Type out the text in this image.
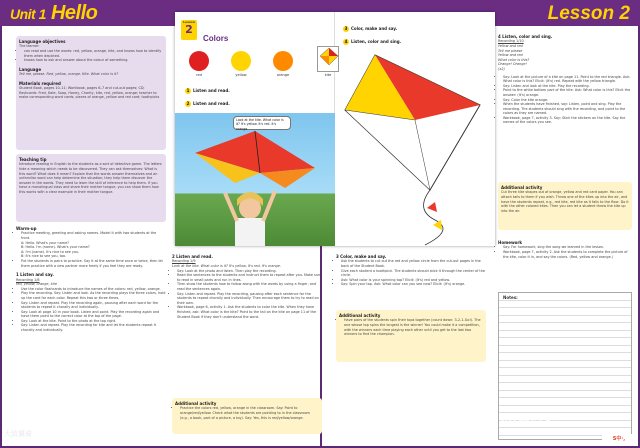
Unit 1 Hello	Lesson 2
Language objectives
The learner:
• can read and use the words: red, yellow, orange, kite, and knows how to identify them when depicted.
• knows how to ask and answer about the colour of something.
Language
Tell me, please. Red, yellow, orange. Kite. What color is it?
Materials required
Student Book, pages 10–11; Workbook, pages 6–7 and cut-out pages; CD; flashcards: Fred, Kate, Soap, Honey, Charity, kite, red, yellow, orange; teacher to make corresponding word cards; pieces of orange, yellow and red card; toothpicks
Teaching tip
Introduce reading in English to the students as a sort of detective game. The letters hide a meaning which needs to be discovered. They can ask themselves: What is this word? What does it mean? Explain that the words answer themselves and an unfamiliar word can help determine the situation; they help them discover the answer in the words. They need to learn the skill of inference to help them. If you have a monolingual class and share their mother tongue, you can show them how this works with a clear example in their mother tongue.
Warm-up
• Practice meeting, greeting and asking names. Model it with two students at the front.
A: Hello. What's your name?
B: Hello. I'm (name). What's your name?
A: I'm (name). It's nice to see you.
B: It's nice to see you, too.
• Put the students in pairs to practice. Say it at the same time once or twice, then let them practice with a new partner more freely if you feel they are ready.
1 Listen and say.
Recording 1/8
red, yellow, orange, kite
• Use the color flashcards to introduce the names of the colors: red, yellow, orange.
• Play the recording. Say: Listen and look. As the recording plays the three colors, hold up the card for each color. Repeat this two or three times.
• Say: Listen and repeat. Play the recording again, pausing after each word for the students to repeat it chorally and individually.
• Say: Look at page 10 in your book. Listen and point. Play the recording again and have them point to the correct color at the top of the page.
• Say: Look at the kite. Point to the photo at the top right.
• Say: Listen and repeat. Play the recording for kite and let the students repeat it chorally and individually.
Lesson
2
Colors
red	yellow	orange	kite
1 Listen and read.
2 Listen and read.
Look at the kite. What color is it? It's yellow. It's red. It's orange.
3 Color, make and say.
4 Listen, color and sing.
2 Listen and read.
Recording 1/9
Look at the kite. What color is it? It's yellow. It's red. It's orange.
• Say: Look at the photo and listen. Then play the recording.
• Read the sentences to the students and instruct them to repeat after you. Make sure to read in small parts and run in lines.
• Then show the students how to follow along with the words by using a finger, and read the sentences again.
• Say: Listen and repeat. Play the recording, pausing after each sentence for the students to repeat chorally and individually. Then encourage them to try to read on their own.
• Workbook, page 6, activity 1. Ask the students to color the kite. When they have finished, ask: What color is the kite? Point to the tail on the kite on page 11 of the Student Book if they don't understand the word.
Additional activity
• Practice the colors red, yellow, orange in the classroom. Say: Point to orange/red/yellow. Check what the students are pointing to in the classroom (e.g., a book, part of a picture, a toy). Say: Yes, this is red/yellow/orange.
3 Color, make and say.
• Ask the students to cut out the red and yellow circle from the cut-out pages in the back of the Student Book.
• Give each student a toothpick. The students should stick it through the center of the circle.
• Ask: What color is your spinning top? Elicit: (It's) red and yellow.
• Say: Spin your top. Ask: What color can you see now? Elicit: (It's) orange.
Additional activity
• Have pairs of the students spin their tops together (count down: 3-2-1-Go!). The one whose top spins the longest is the winner! You could make it a competition, with the winners each time playing each other until you get to the last two winners to find the champion.
4 Listen, color and sing.
Recording 1/10
Yellow and red
Tell me please
Yellow and red
What color is this?
Orange! Orange!
(x2)
• Say: Look at the picture of a kite on page 11. Point to the red triangle. Ask: What color is this? Elicit: (It's) red. Repeat with the yellow triangle.
• Say: Listen and look at the kite. Play the recording.
• Point to the white bottom part of the kite. Ask: What color is this? Elicit the answer: (It's) orange.
• Say: Color the kite orange.
• When the students have finished, say: Listen, point and sing. Play the recording. The students should sing with the recording, and point to the colors as they are named.
• Workbook, page 7, activity 3. Say: Stick the stickers on the kite. Say the names of the colors you see.
Additional activity
Cut three kite shapes out of orange, yellow and red card paper. You can attach tails to them if you wish. Throw one of the kites up into the air, and have the students repeat, e.g., red kite, red kite as it falls to the floor. Do it with the other colored kites. Then you can let a student throw the kite up into the air.
Homework
• Say: For homework, sing the song we learned in the lesson.
• Workbook, page 7, activity 2. Ask the students to complete the picture of the kite, color it in, and say the colors. (Red, yellow and orange.)
Notes:
武汉剑津文化
大致翼骑
S中·,
